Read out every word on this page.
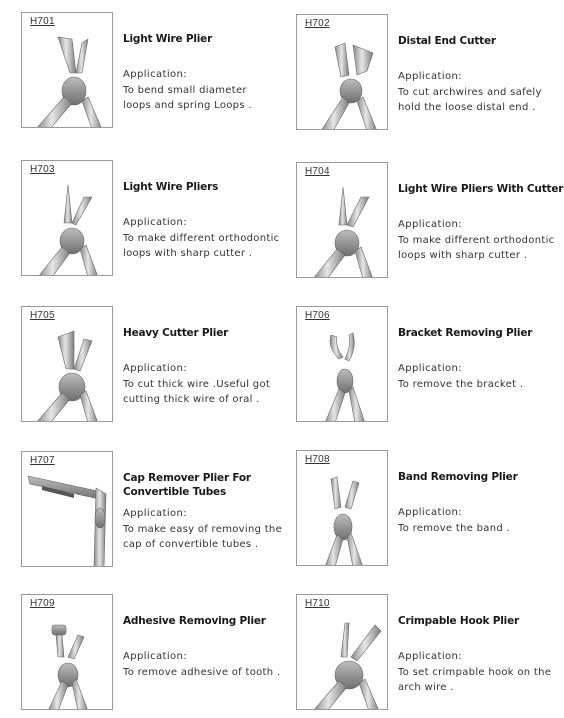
H701
Light Wire Plier
Application:
To bend small diameter
loops and spring Loops .
H702
Distal End Cutter
Application:
To cut archwires and safely
hold the loose distal end .
H703
Light Wire Pliers
Application:
To make different orthodontic
loops with sharp cutter .
H704
Light Wire Pliers With Cutter
Application:
To make different orthodontic
loops with sharp cutter .
H705
Heavy Cutter Plier
Application:
To cut thick wire .Useful got
cutting thick wire of oral .
H706
Bracket Removing Plier
Application:
To remove the bracket .
H707
Cap Remover Plier For
Convertible Tubes
Application:
To make easy of removing the
cap of convertible tubes .
H708
Band Removing Plier
Application:
To remove the band .
H709
Adhesive Removing Plier
Application:
To remove adhesive of tooth .
H710
Crimpable Hook Plier
Application:
To set crimpable hook on the
arch wire .
